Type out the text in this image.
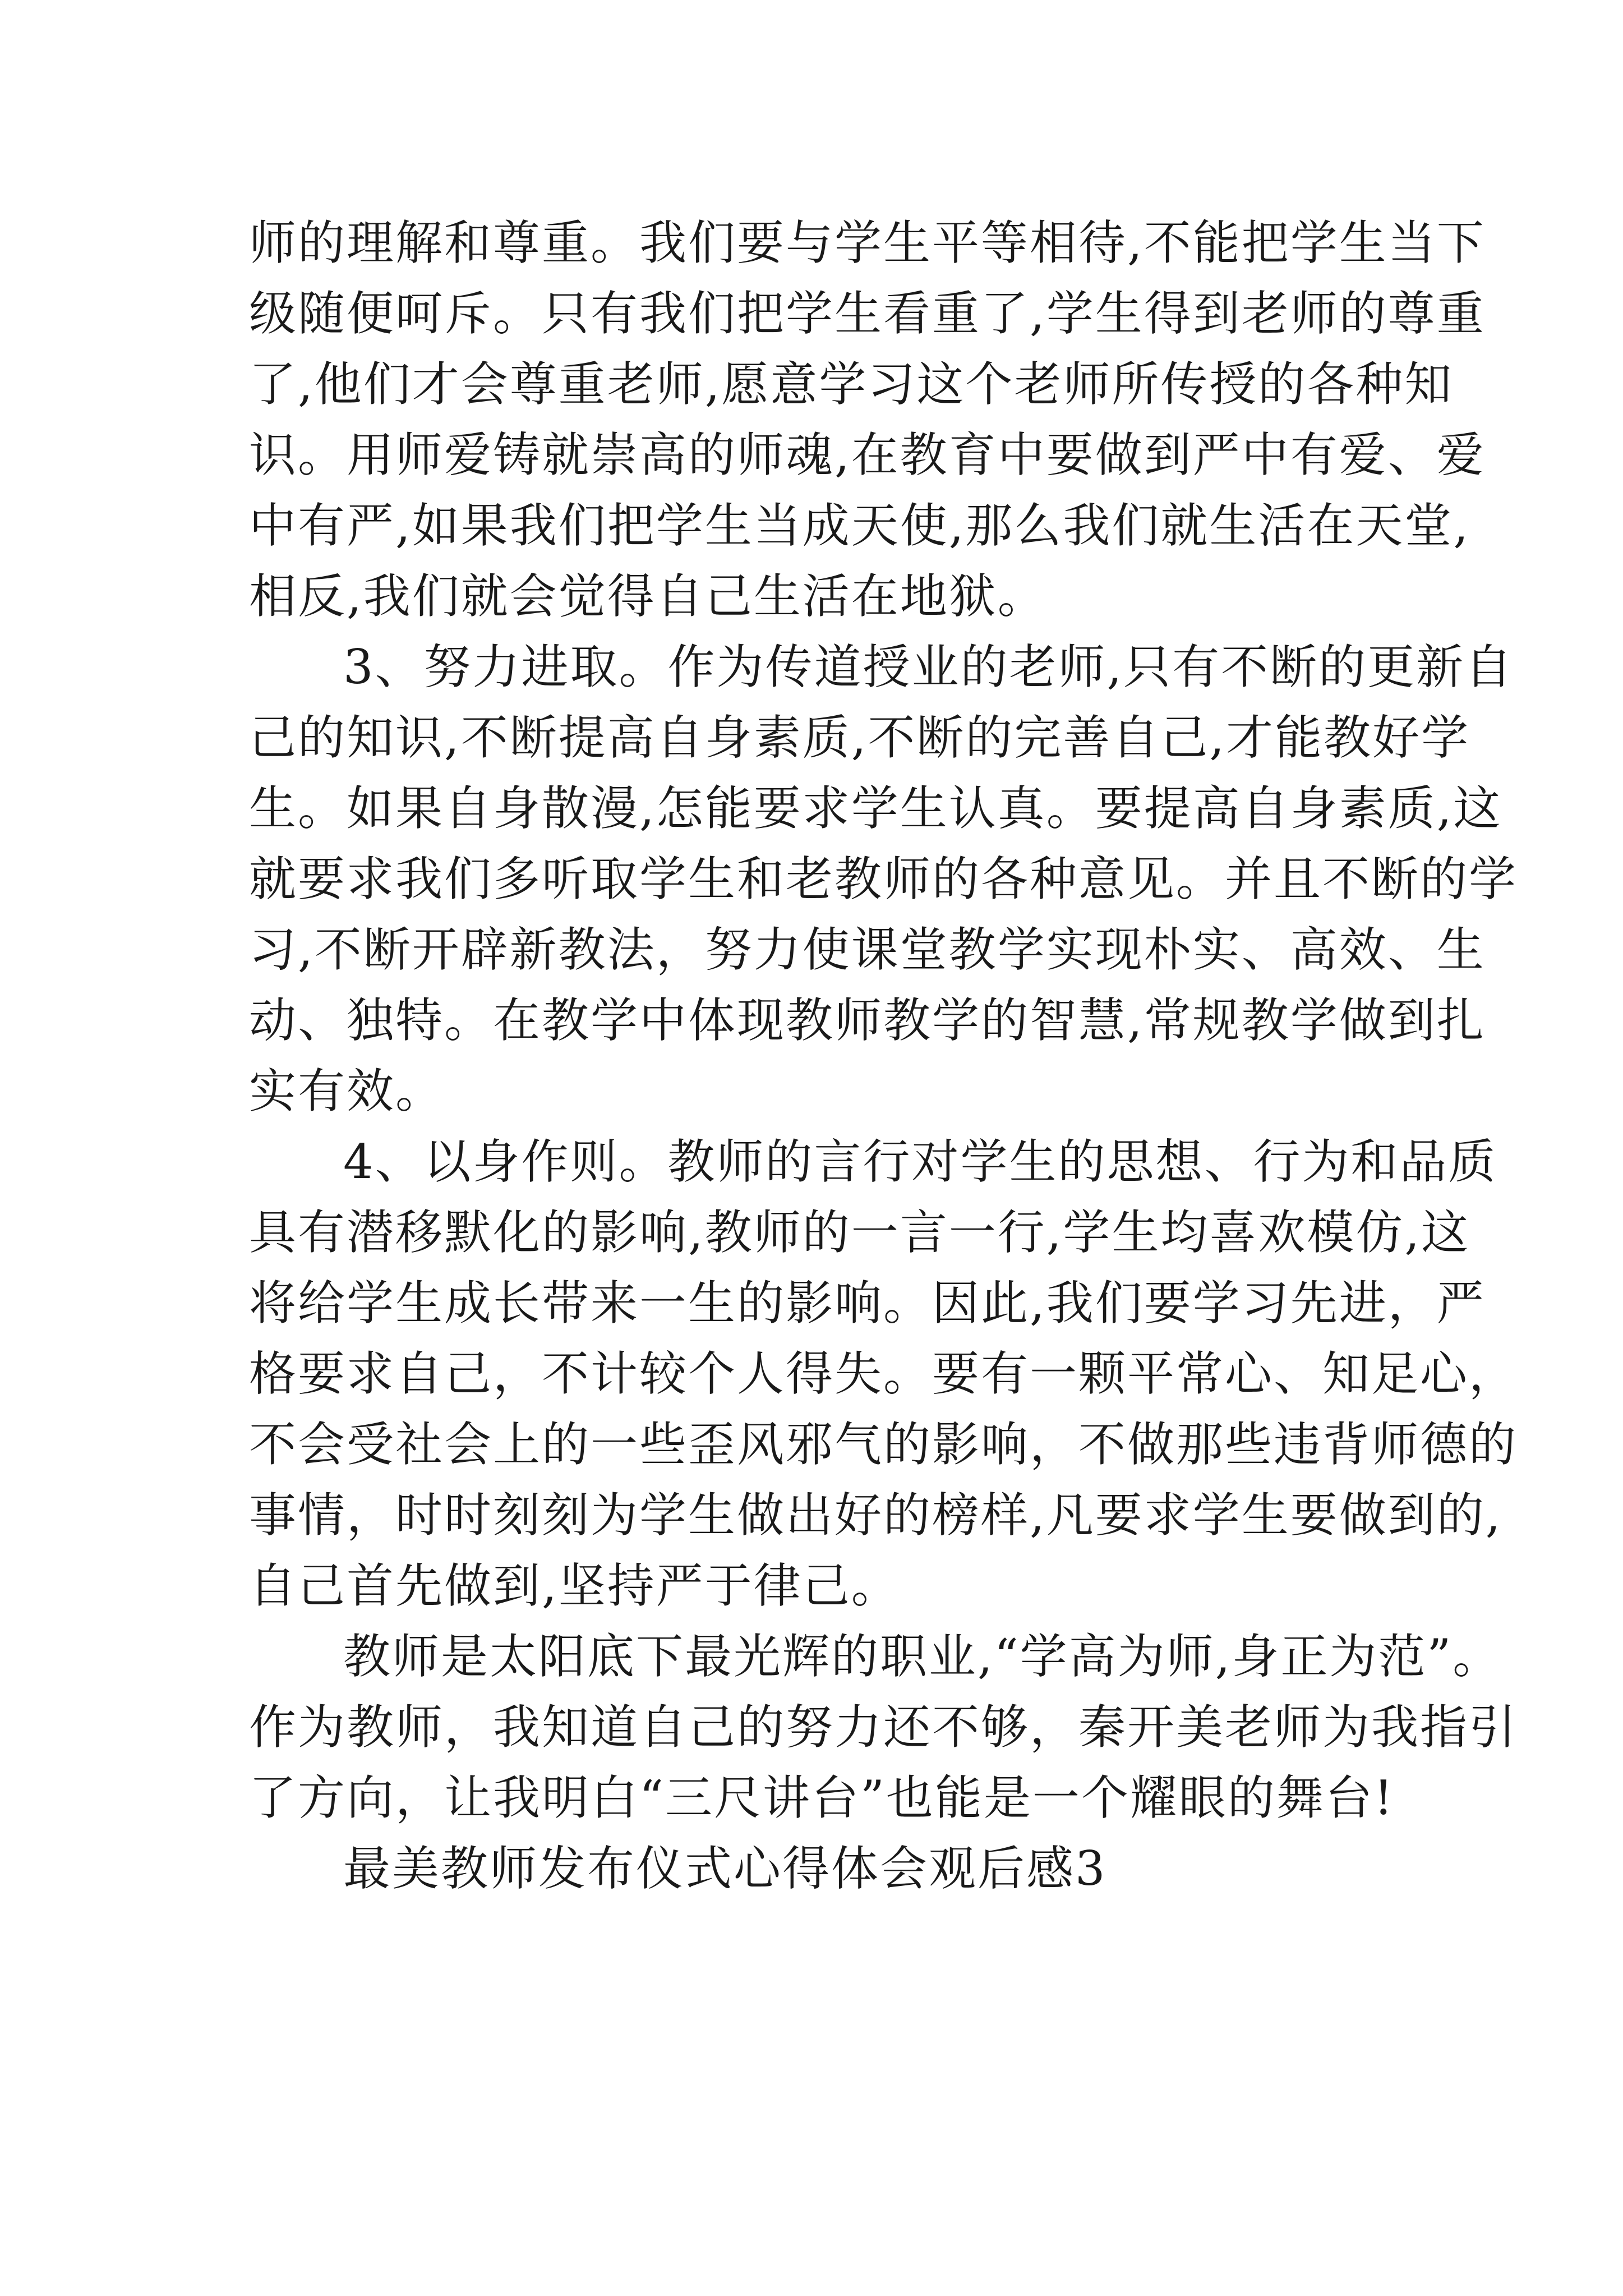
师的理解和尊重。我们要与学生平等相待,不能把学生当下
级随便呵斥。只有我们把学生看重了,学生得到老师的尊重
了,他们才会尊重老师,愿意学习这个老师所传授的各种知
识。用师爱铸就崇高的师魂,在教育中要做到严中有爱、爱
中有严,如果我们把学生当成天使,那么我们就生活在天堂,
相反,我们就会觉得自己生活在地狱。
3、努力进取。作为传道授业的老师,只有不断的更新自
己的知识,不断提高自身素质,不断的完善自己,才能教好学
生。如果自身散漫,怎能要求学生认真。要提高自身素质,这
就要求我们多听取学生和老教师的各种意见。并且不断的学
习,不断开辟新教法，努力使课堂教学实现朴实、高效、生
动、独特。在教学中体现教师教学的智慧,常规教学做到扎
实有效。
4、以身作则。教师的言行对学生的思想、行为和品质
具有潜移默化的影响,教师的一言一行,学生均喜欢模仿,这
将给学生成长带来一生的影响。因此,我们要学习先进，严
格要求自己，不计较个人得失。要有一颗平常心、知足心，
不会受社会上的一些歪风邪气的影响，不做那些违背师德的
事情，时时刻刻为学生做出好的榜样,凡要求学生要做到的,
自己首先做到,坚持严于律己。
教师是太阳底下最光辉的职业,“学高为师,身正为范”。
作为教师，我知道自己的努力还不够，秦开美老师为我指引
了方向，让我明白“三尺讲台”也能是一个耀眼的舞台!
最美教师发布仪式心得体会观后感3
